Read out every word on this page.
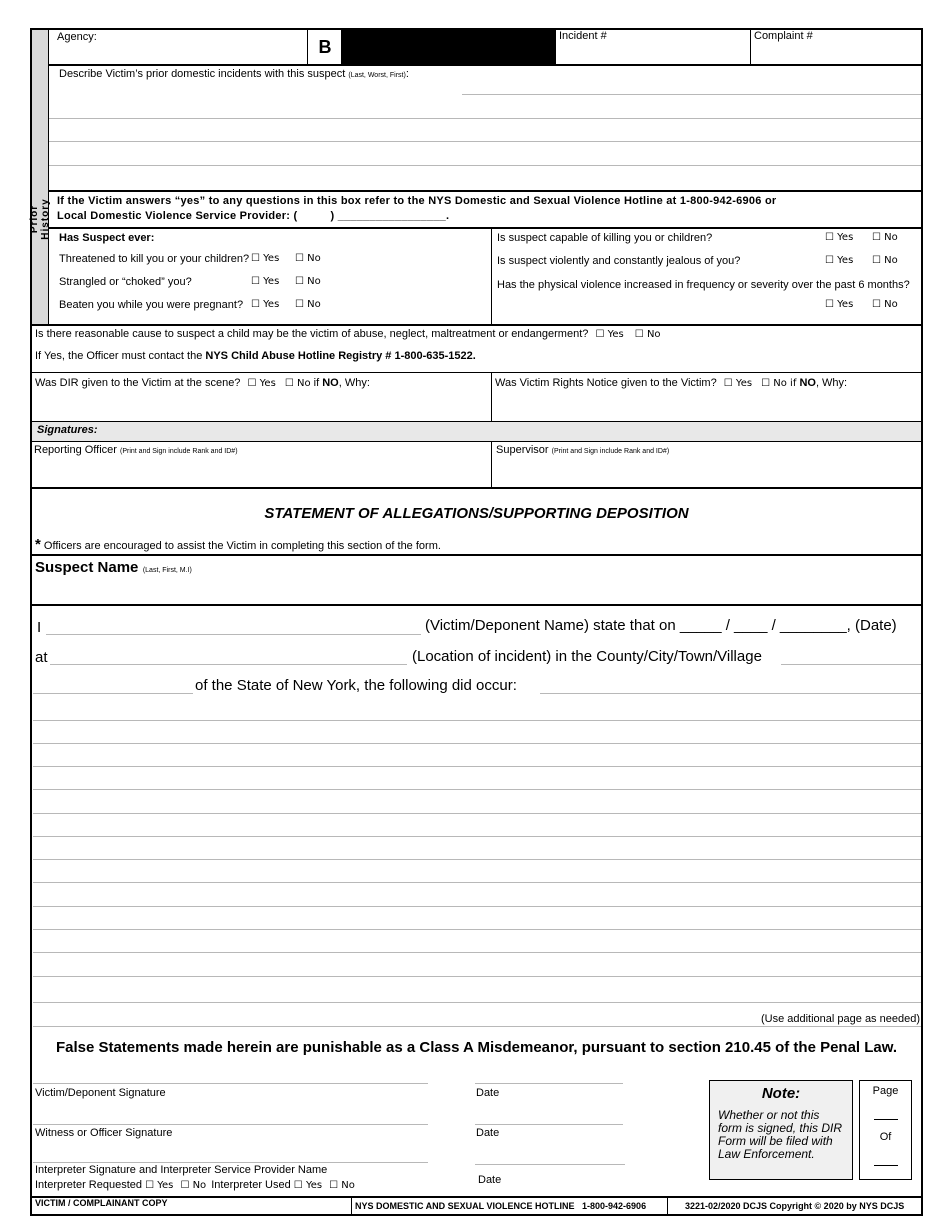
Prior History
Agency:	B
Incident #	Complaint #
Describe Victim’s prior domestic incidents with this suspect (Last, Worst, First):
If the Victim answers “yes” to any questions in this box refer to the NYS Domestic and Sexual Violence Hotline at 1-800-942-6906 or
Local Domestic Violence Service Provider: (          ) _________________.
Has Suspect ever:
Threatened to kill you or your children? ☐ Yes ☐ No
Strangled or “choked” you?	☐ Yes ☐ No
Beaten you while you were pregnant? ☐ Yes ☐ No
Is suspect capable of killing you or children?	☐ Yes ☐ No
Is suspect violently and constantly jealous of you?	☐ Yes ☐ No
Has the physical violence increased in frequency or severity over the past 6 months?
☐ Yes ☐ No
Is there reasonable cause to suspect a child may be the victim of abuse, neglect, maltreatment or endangerment? ☐ Yes ☐ No
If Yes, the Officer must contact the NYS Child Abuse Hotline Registry # 1-800-635-1522.
Was DIR given to the Victim at the scene? ☐ Yes ☐ No if NO, Why:	Was Victim Rights Notice given to the Victim? ☐ Yes ☐ No if NO, Why:
Signatures:
Reporting Officer (Print and Sign include Rank and ID#)	Supervisor (Print and Sign include Rank and ID#)
STATEMENT OF ALLEGATIONS/SUPPORTING DEPOSITION
* Officers are encouraged to assist the Victim in completing this section of the form.
Suspect Name (Last, First, M.I)
I	(Victim/Deponent Name) state that on _____ / ____ / ________, (Date)
at	(Location of incident) in the County/City/Town/Village
of the State of New York, the following did occur:
(Use additional page as needed)
False Statements made herein are punishable as a Class A Misdemeanor, pursuant to section 210.45 of the Penal Law.
Victim/Deponent Signature	Date
Witness or Officer Signature	Date
Interpreter Signature and Interpreter Service Provider Name
Date
Interpreter Requested ☐ Yes ☐ No Interpreter Used ☐ Yes ☐ No
Note:
Whether or not this form is signed, this DIR Form will be filed with Law Enforcement.
Page
Of
VICTIM / COMPLAINANT COPY	NYS DOMESTIC AND SEXUAL VIOLENCE HOTLINE   1-800-942-6906	3221-02/2020 DCJS Copyright © 2020 by NYS DCJS
